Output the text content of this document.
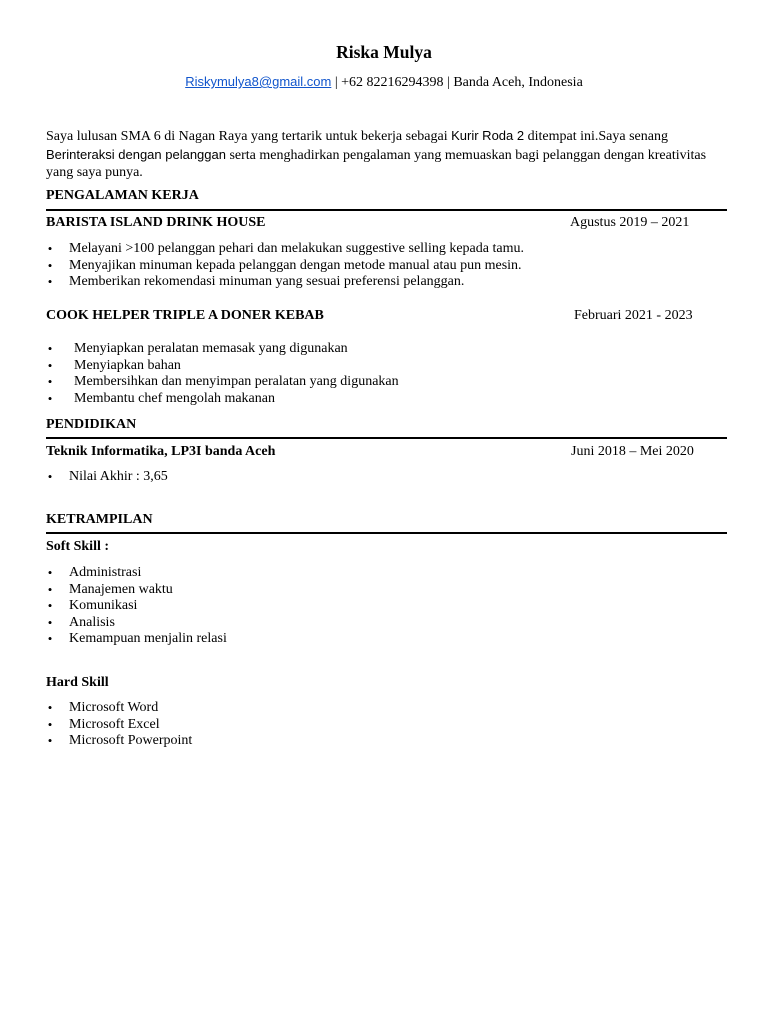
Riska Mulya
Riskymulya8@gmail.com | +62 82216294398 | Banda Aceh, Indonesia
Saya lulusan SMA 6 di Nagan Raya yang tertarik untuk bekerja sebagai Kurir Roda 2 ditempat ini.Saya senang Berinteraksi dengan pelanggan serta menghadirkan pengalaman yang memuaskan bagi pelanggan dengan kreativitas yang saya punya.
PENGALAMAN KERJA
BARISTA ISLAND DRINK HOUSE	Agustus 2019 – 2021
• Melayani >100 pelanggan pehari dan melakukan suggestive selling kepada tamu.
• Menyajikan minuman kepada pelanggan dengan metode manual atau pun mesin.
• Memberikan rekomendasi minuman yang sesuai preferensi pelanggan.
COOK HELPER TRIPLE A DONER KEBAB	Februari 2021 - 2023
• Menyiapkan peralatan memasak yang digunakan
• Menyiapkan bahan
• Membersihkan dan menyimpan peralatan yang digunakan
• Membantu chef mengolah makanan
PENDIDIKAN
Teknik Informatika, LP3I banda Aceh	Juni 2018 – Mei 2020
• Nilai Akhir : 3,65
KETRAMPILAN
Soft Skill :
• Administrasi
• Manajemen waktu
• Komunikasi
• Analisis
• Kemampuan menjalin relasi
Hard Skill
• Microsoft Word
• Microsoft Excel
• Microsoft Powerpoint
